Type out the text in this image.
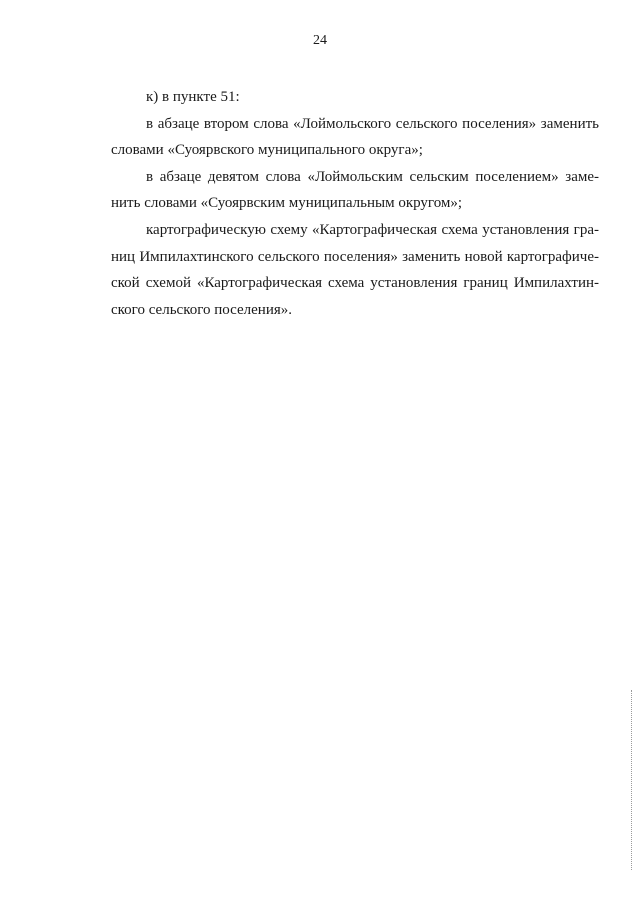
24
к) в пункте 51:
в абзаце втором слова «Лоймольского сельского поселения» заменить
словами «Суоярвского муниципального округа»;
в абзаце девятом слова «Лоймольским сельским поселением» заме-
нить словами «Суоярвским муниципальным округом»;
картографическую схему «Картографическая схема установления гра-
ниц Импилахтинского сельского поселения» заменить новой картографиче-
ской схемой «Картографическая схема установления границ Импилахтин-
ского сельского поселения».
